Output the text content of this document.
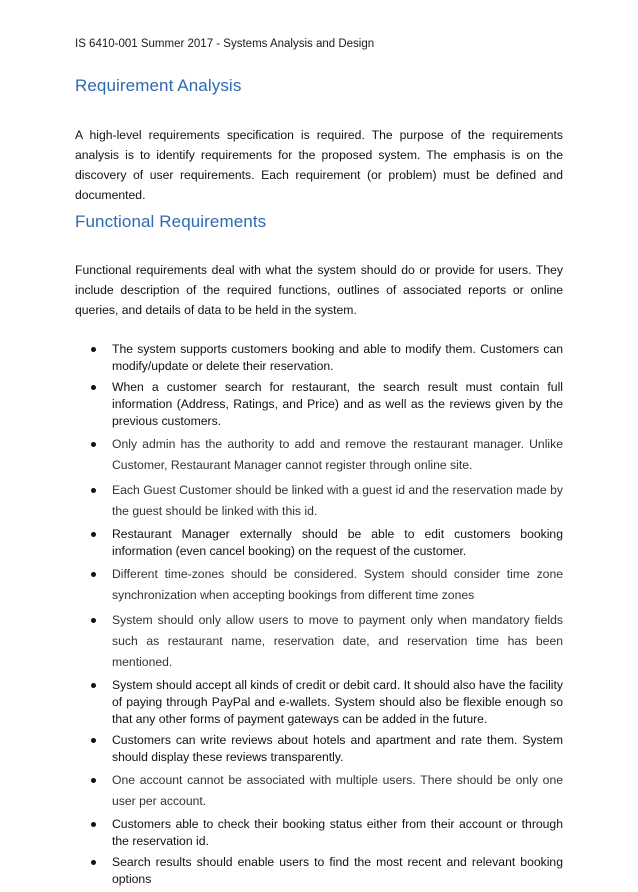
IS 6410-001 Summer 2017 - Systems Analysis and Design
Requirement Analysis

A high-level requirements specification is required. The purpose of the requirements analysis is to identify requirements for the proposed system. The emphasis is on the discovery of user requirements. Each requirement (or problem) must be defined and documented.

Functional Requirements

Functional requirements deal with what the system should do or provide for users. They include description of the required functions, outlines of associated reports or online queries, and details of data to be held in the system.

The system supports customers booking and able to modify them. Customers can modify/update or delete their reservation.
When a customer search for restaurant, the search result must contain full information (Address, Ratings, and Price) and as well as the reviews given by the previous customers.
Only admin has the authority to add and remove the restaurant manager. Unlike Customer, Restaurant Manager cannot register through online site.
Each Guest Customer should be linked with a guest id and the reservation made by the guest should be linked with this id.
Restaurant Manager externally should be able to edit customers booking information (even cancel booking) on the request of the customer.
Different time-zones should be considered. System should consider time zone synchronization when accepting bookings from different time zones
System should only allow users to move to payment only when mandatory fields such as restaurant name, reservation date, and reservation time has been mentioned.
System should accept all kinds of credit or debit card. It should also have the facility of paying through PayPal and e-wallets. System should also be flexible enough so that any other forms of payment gateways can be added in the future.
Customers can write reviews about hotels and apartment and rate them. System should display these reviews transparently.
One account cannot be associated with multiple users. There should be only one user per account.
Customers able to check their booking status either from their account or through the reservation id.
Search results should enable users to find the most recent and relevant booking options
